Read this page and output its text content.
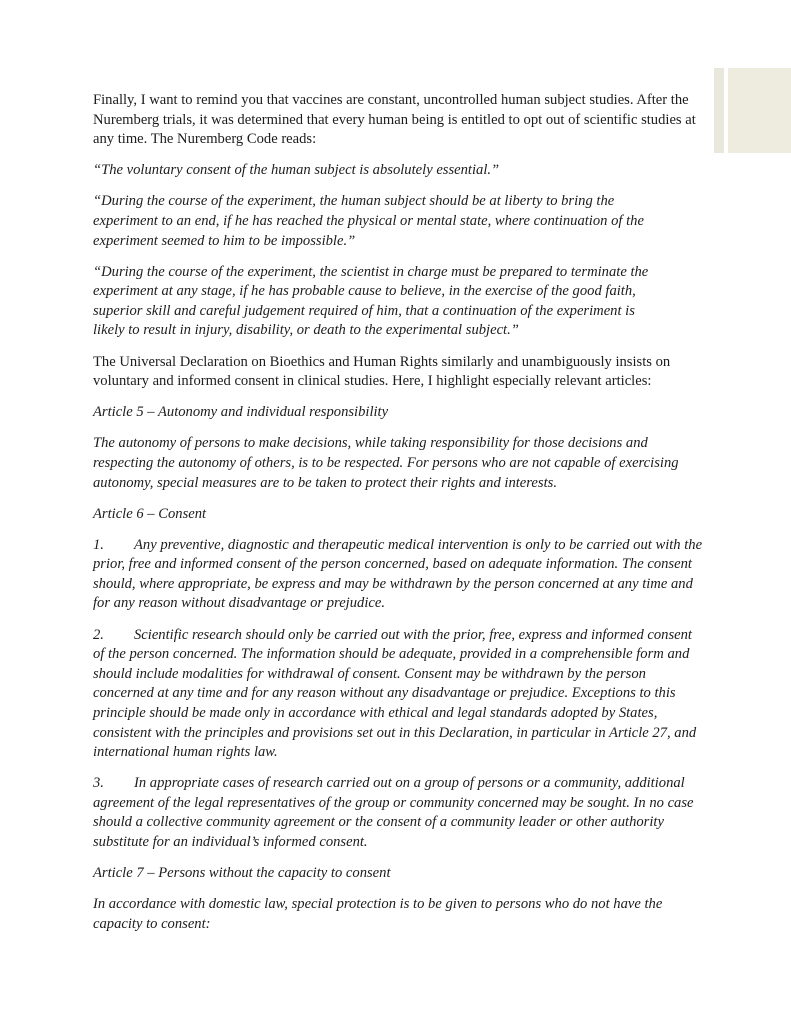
Finally, I want to remind you that vaccines are constant, uncontrolled human subject studies. After the Nuremberg trials, it was determined that every human being is entitled to opt out of scientific studies at any time. The Nuremberg Code reads:

“The voluntary consent of the human subject is absolutely essential.”

“During the course of the experiment, the human subject should be at liberty to bring the experiment to an end, if he has reached the physical or mental state, where continuation of the experiment seemed to him to be impossible.”

“During the course of the experiment, the scientist in charge must be prepared to terminate the experiment at any stage, if he has probable cause to believe, in the exercise of the good faith, superior skill and careful judgement required of him, that a continuation of the experiment is likely to result in injury, disability, or death to the experimental subject.”

The Universal Declaration on Bioethics and Human Rights similarly and unambiguously insists on voluntary and informed consent in clinical studies. Here, I highlight especially relevant articles:

Article 5 – Autonomy and individual responsibility

The autonomy of persons to make decisions, while taking responsibility for those decisions and respecting the autonomy of others, is to be respected. For persons who are not capable of exercising autonomy, special measures are to be taken to protect their rights and interests.

Article 6 – Consent

1. Any preventive, diagnostic and therapeutic medical intervention is only to be carried out with the prior, free and informed consent of the person concerned, based on adequate information. The consent should, where appropriate, be express and may be withdrawn by the person concerned at any time and for any reason without disadvantage or prejudice.

2. Scientific research should only be carried out with the prior, free, express and informed consent of the person concerned. The information should be adequate, provided in a comprehensible form and should include modalities for withdrawal of consent. Consent may be withdrawn by the person concerned at any time and for any reason without any disadvantage or prejudice. Exceptions to this principle should be made only in accordance with ethical and legal standards adopted by States, consistent with the principles and provisions set out in this Declaration, in particular in Article 27, and international human rights law.

3. In appropriate cases of research carried out on a group of persons or a community, additional agreement of the legal representatives of the group or community concerned may be sought. In no case should a collective community agreement or the consent of a community leader or other authority substitute for an individual’s informed consent.

Article 7 – Persons without the capacity to consent

In accordance with domestic law, special protection is to be given to persons who do not have the capacity to consent:
